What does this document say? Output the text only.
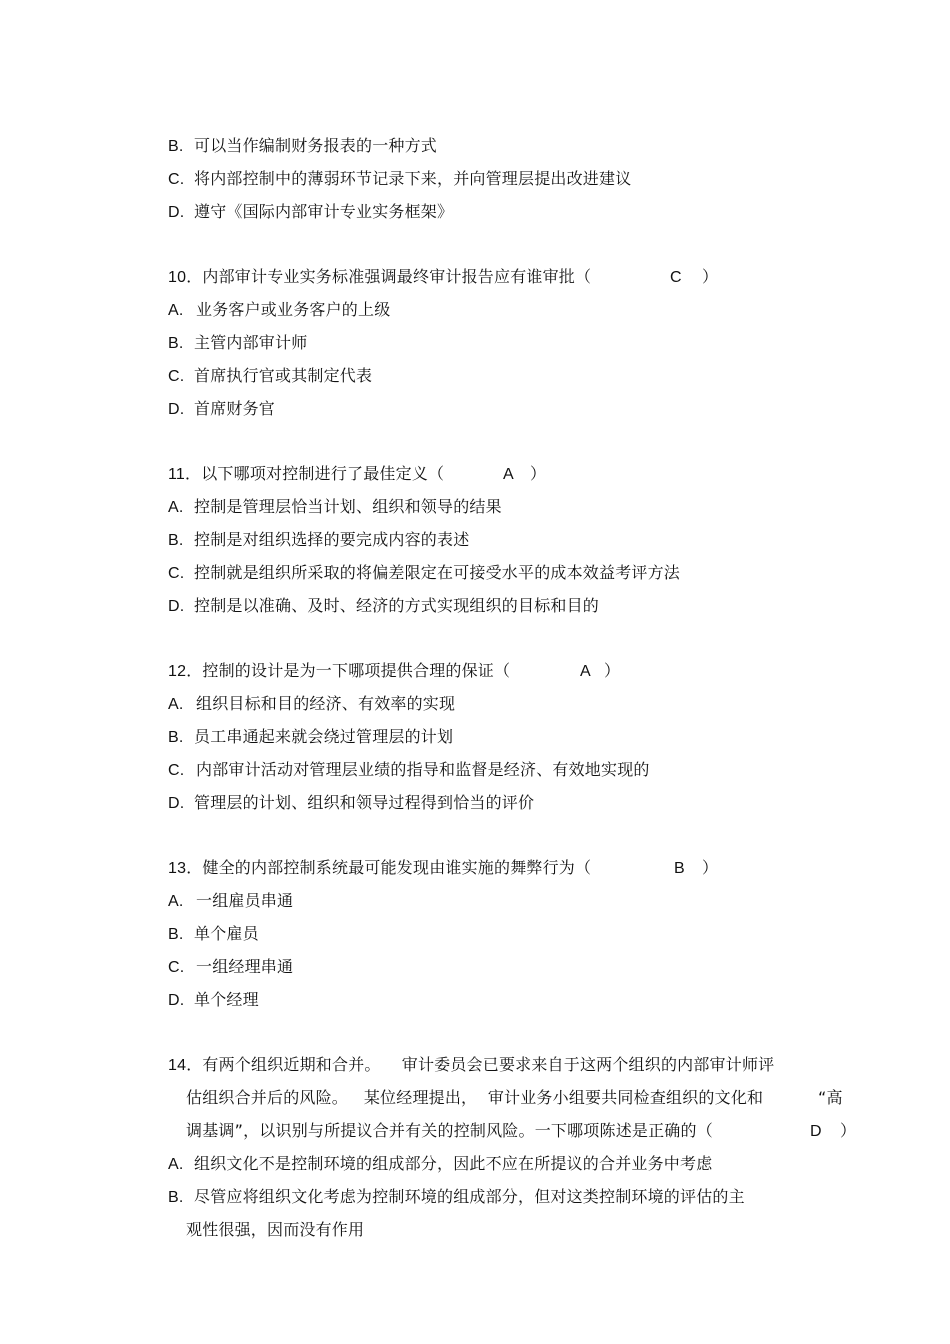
B. 可以当作编制财务报表的一种方式
C. 将内部控制中的薄弱环节记录下来，并向管理层提出改进建议
D. 遵守《国际内部审计专业实务框架》
10．内部审计专业实务标准强调最终审计报告应有谁审批（	C ）
A. 业务客户或业务客户的上级
B. 主管内部审计师
C. 首席执行官或其制定代表
D. 首席财务官
11．以下哪项对控制进行了最佳定义（	A ）
A. 控制是管理层恰当计划、组织和领导的结果
B. 控制是对组织选择的要完成内容的表述
C. 控制就是组织所采取的将偏差限定在可接受水平的成本效益考评方法
D. 控制是以准确、及时、经济的方式实现组织的目标和目的
12．控制的设计是为一下哪项提供合理的保证（	A ）
A. 组织目标和目的经济、有效率的实现
B. 员工串通起来就会绕过管理层的计划
C. 内部审计活动对管理层业绩的指导和监督是经济、有效地实现的
D. 管理层的计划、组织和领导过程得到恰当的评价
13．健全的内部控制系统最可能发现由谁实施的舞弊行为（	B ）
A. 一组雇员串通
B. 单个雇员
C. 一组经理串通
D. 单个经理
14．有两个组织近期和合并。    审计委员会已要求来自于这两个组织的内部审计师评
估组织合并后的风险。   某位经理提出，  审计业务小组要共同检查组织的文化和	“高
调基调”，以识别与所提议合并有关的控制风险。一下哪项陈述是正确的（	D ）
A. 组织文化不是控制环境的组成部分，因此不应在所提议的合并业务中考虑
B. 尽管应将组织文化考虑为控制环境的组成部分，但对这类控制环境的评估的主
观性很强，因而没有作用
